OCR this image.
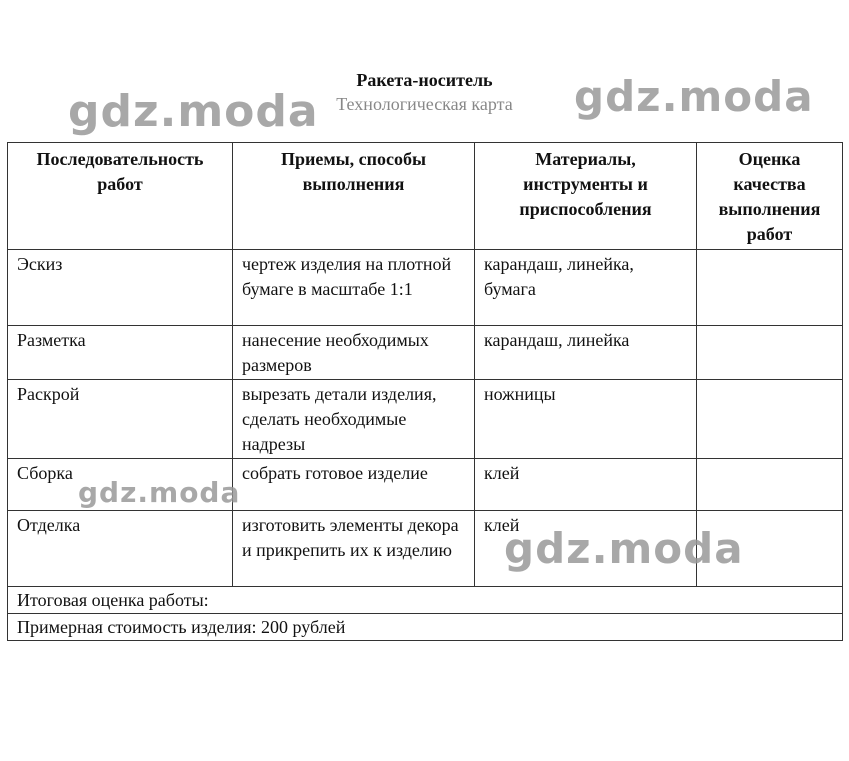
Ракета-носитель
Технологическая карта
Последовательность работ	Приемы, способы выполнения	Материалы, инструменты и приспособления	Оценка качества выполнения работ
Эскиз	чертеж изделия на плотной бумаге в масштабе 1:1	карандаш, линейка, бумага	
Разметка	нанесение необходимых размеров	карандаш, линейка	
Раскрой	вырезать детали изделия, сделать необходимые надрезы	ножницы	
Сборка	собрать готовое изделие	клей	
Отделка	изготовить элементы декора и прикрепить их к изделию	клей	
Итоговая оценка работы:			
Примерная стоимость изделия: 200 рублей			
gdz.moda	gdz.moda
gdz.moda
gdz.moda
